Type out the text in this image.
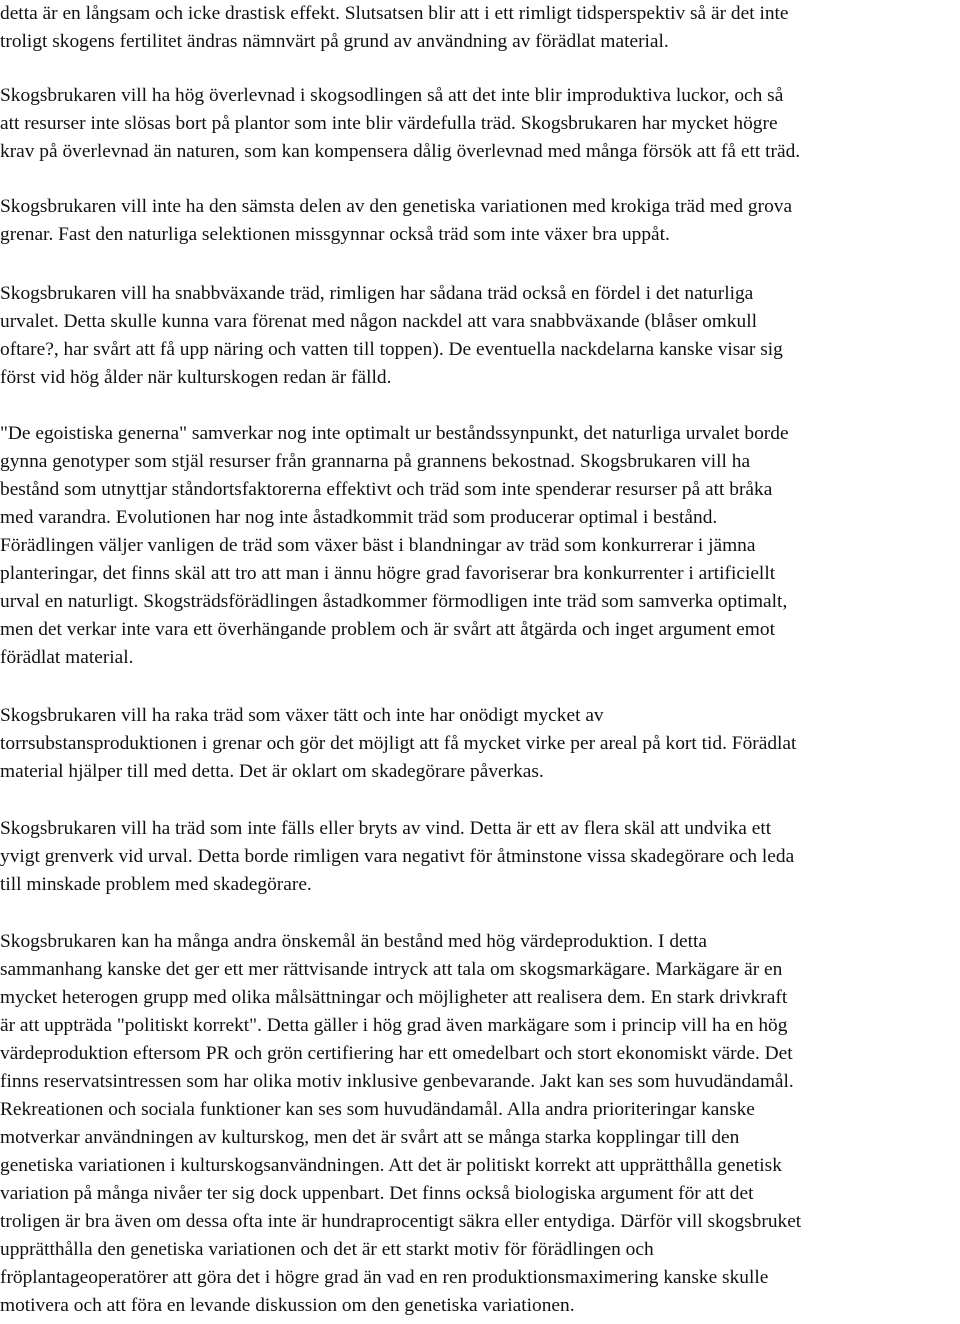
detta är en långsam och icke drastisk effekt. Slutsatsen blir att i ett rimligt tidsperspektiv så är det inte
troligt skogens fertilitet ändras nämnvärt på grund av användning av förädlat material.

Skogsbrukaren vill ha hög överlevnad i skogsodlingen så att det inte blir improduktiva luckor, och så
att resurser inte slösas bort på plantor som inte blir värdefulla träd. Skogsbrukaren har mycket högre
krav på överlevnad än naturen, som kan kompensera dålig överlevnad med många försök att få ett träd.

Skogsbrukaren vill inte ha den sämsta delen av den genetiska variationen med krokiga träd med grova
grenar. Fast den naturliga selektionen missgynnar också träd som inte växer bra uppåt.

Skogsbrukaren vill ha snabbväxande träd, rimligen har sådana träd också en fördel i det naturliga
urvalet. Detta skulle kunna vara förenat med någon nackdel att vara snabbväxande (blåser omkull
oftare?, har svårt att få upp näring och vatten till toppen). De eventuella nackdelarna kanske visar sig
först vid hög ålder när kulturskogen redan är fälld.

"De egoistiska generna" samverkar nog inte optimalt ur beståndssynpunkt, det naturliga urvalet borde
gynna genotyper som stjäl resurser från grannarna på grannens bekostnad. Skogsbrukaren vill ha
bestånd som utnyttjar ståndortsfaktorerna effektivt och träd som inte spenderar resurser på att bråka
med varandra. Evolutionen har nog inte åstadkommit träd som producerar optimal i bestånd.
Förädlingen väljer vanligen de träd som växer bäst i blandningar av träd som konkurrerar i jämna
planteringar, det finns skäl att tro att man i ännu högre grad favoriserar bra konkurrenter i artificiellt
urval en naturligt. Skogsträdsförädlingen åstadkommer förmodligen inte träd som samverka optimalt,
men det verkar inte vara ett överhängande problem och är svårt att åtgärda och inget argument emot
förädlat material.

Skogsbrukaren vill ha raka träd som växer tätt och inte har onödigt mycket av
torrsubstansproduktionen i grenar och gör det möjligt att få mycket virke per areal på kort tid. Förädlat
material hjälper till med detta. Det är oklart om skadegörare påverkas.

Skogsbrukaren vill ha träd som inte fälls eller bryts av vind. Detta är ett av flera skäl att undvika ett
yvigt grenverk vid urval. Detta borde rimligen vara negativt för åtminstone vissa skadegörare och leda
till minskade problem med skadegörare.

Skogsbrukaren kan ha många andra önskemål än bestånd med hög värdeproduktion. I detta
sammanhang kanske det ger ett mer rättvisande intryck att tala om skogsmarkägare. Markägare är en
mycket heterogen grupp med olika målsättningar och möjligheter att realisera dem. En stark drivkraft
är att uppträda "politiskt korrekt". Detta gäller i hög grad även markägare som i princip vill ha en hög
värdeproduktion eftersom PR och grön certifiering har ett omedelbart och stort ekonomiskt värde. Det
finns reservatsintressen som har olika motiv inklusive genbevarande. Jakt kan ses som huvudändamål.
Rekreationen och sociala funktioner kan ses som huvudändamål. Alla andra prioriteringar kanske
motverkar användningen av kulturskog, men det är svårt att se många starka kopplingar till den
genetiska variationen i kulturskogsanvändningen. Att det är politiskt korrekt att upprätthålla genetisk
variation på många nivåer ter sig dock uppenbart. Det finns också biologiska argument för att det
troligen är bra även om dessa ofta inte är hundraprocentigt säkra eller entydiga. Därför vill skogsbruket
upprätthålla den genetiska variationen och det är ett starkt motiv för förädlingen och
fröplantageoperatörer att göra det i högre grad än vad en ren produktionsmaximering kanske skulle
motivera och att föra en levande diskussion om den genetiska variationen.
